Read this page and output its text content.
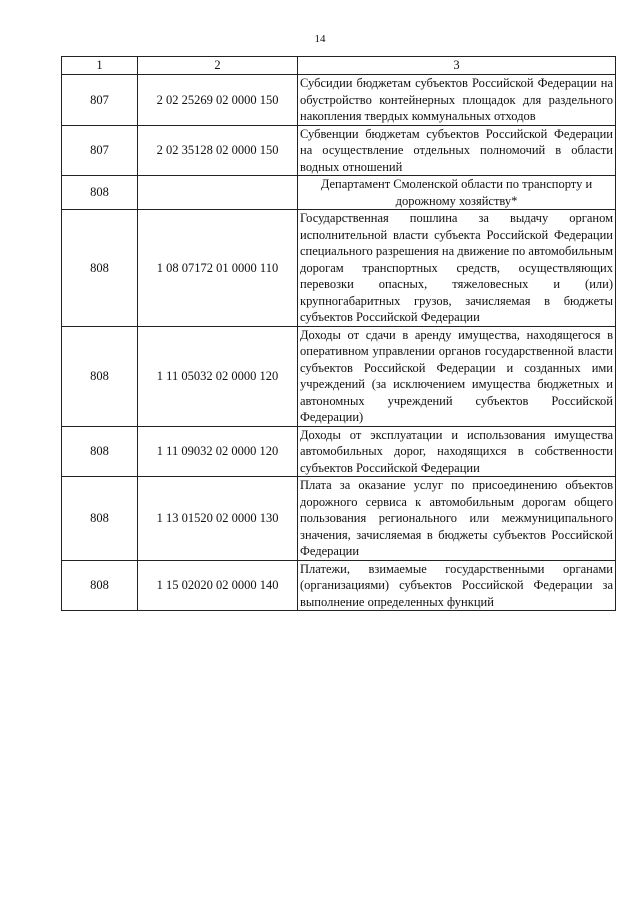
14
1	2	3
807	2 02 25269 02 0000 150	Субсидии бюджетам субъектов Российской Федерации на обустройство контейнерных площадок для раздельного накопления твердых коммунальных отходов
807	2 02 35128 02 0000 150	Субвенции бюджетам субъектов Российской Федерации на осуществление отдельных полномочий в области водных отношений
808		Департамент Смоленской области по транспорту и дорожному хозяйству*
808	1 08 07172 01 0000 110	Государственная пошлина за выдачу органом исполнительной власти субъекта Российской Федерации специального разрешения на движение по автомобильным дорогам транспортных средств, осуществляющих перевозки опасных, тяжеловесных и (или) крупногабаритных грузов, зачисляемая в бюджеты субъектов Российской Федерации
808	1 11 05032 02 0000 120	Доходы от сдачи в аренду имущества, находящегося в оперативном управлении органов государственной власти субъектов Российской Федерации и созданных ими учреждений (за исключением имущества бюджетных и автономных учреждений субъектов Российской Федерации)
808	1 11 09032 02 0000 120	Доходы от эксплуатации и использования имущества автомобильных дорог, находящихся в собственности субъектов Российской Федерации
808	1 13 01520 02 0000 130	Плата за оказание услуг по присоединению объектов дорожного сервиса к автомобильным дорогам общего пользования регионального или межмуниципального значения, зачисляемая в бюджеты субъектов Российской Федерации
808	1 15 02020 02 0000 140	Платежи, взимаемые государственными органами (организациями) субъектов Российской Федерации за выполнение определенных функций
